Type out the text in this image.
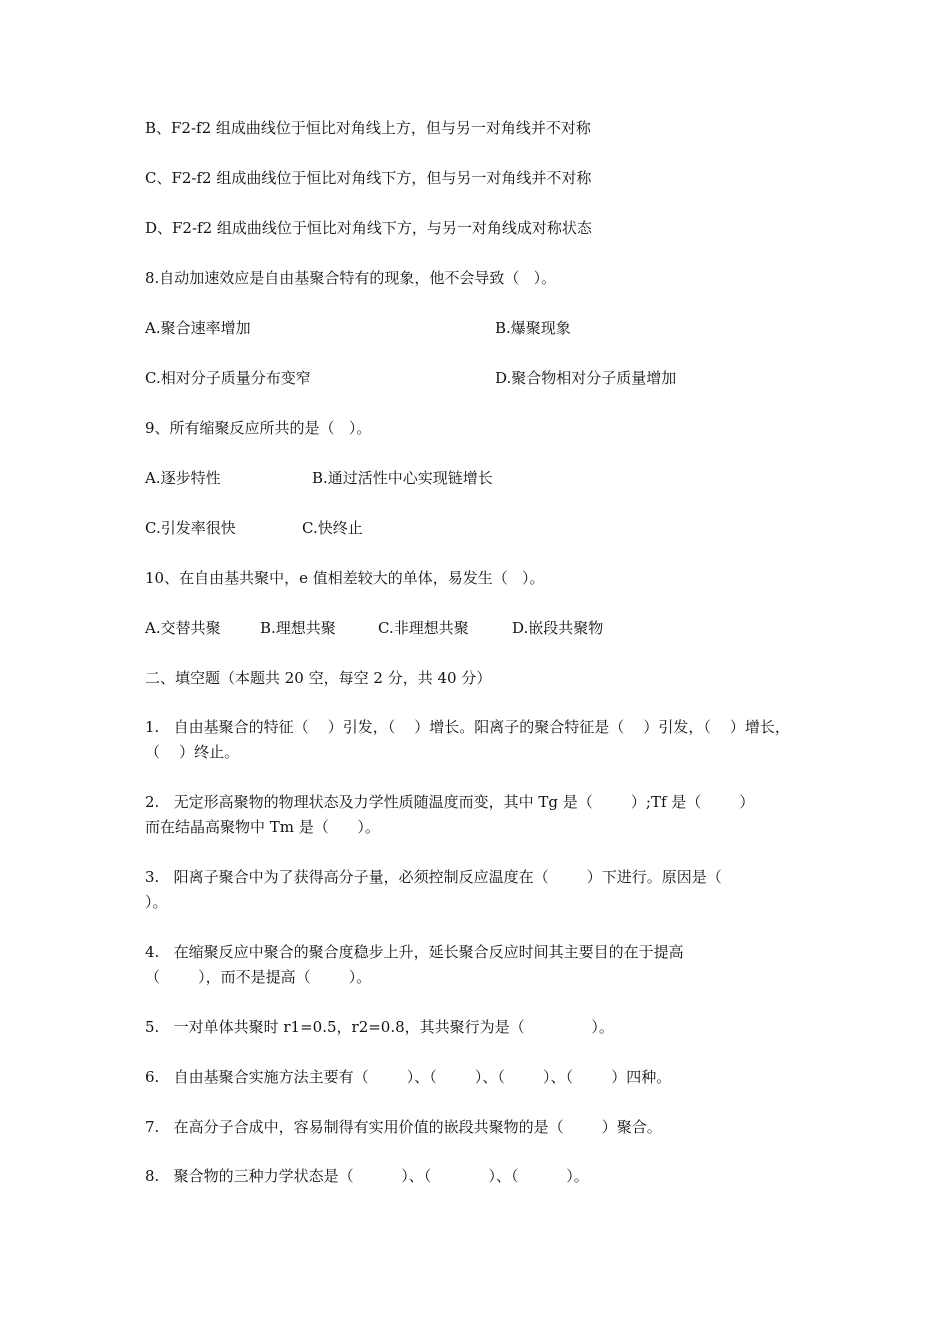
B、F2-f2 组成曲线位于恒比对角线上方，但与另一对角线并不对称
C、F2-f2 组成曲线位于恒比对角线下方，但与另一对角线并不对称
D、F2-f2 组成曲线位于恒比对角线下方，与另一对角线成对称状态
8.自动加速效应是自由基聚合特有的现象，他不会导致（   ）。
A.聚合速率增加	B.爆聚现象
C.相对分子质量分布变窄	D.聚合物相对分子质量增加
9、所有缩聚反应所共的是（   ）。
A.逐步特性	B.通过活性中心实现链增长
C.引发率很快	C.快终止
10、在自由基共聚中，e 值相差较大的单体，易发生（   ）。
A.交替共聚	B.理想共聚	C.非理想共聚	D.嵌段共聚物
二、填空题（本题共 20 空，每空 2 分，共 40 分）
1.   自由基聚合的特征（    ）引发，（    ）增长。阳离子的聚合特征是（    ）引发，（    ）增长，
（    ）终止。
2.   无定形高聚物的物理状态及力学性质随温度而变，其中 Tg 是（        ）;Tf 是（        ）
而在结晶高聚物中 Tm 是（      ）。
3.   阳离子聚合中为了获得高分子量，必须控制反应温度在（        ）下进行。原因是（
）。
4.   在缩聚反应中聚合的聚合度稳步上升，延长聚合反应时间其主要目的在于提高
（        ），而不是提高（        ）。
5.   一对单体共聚时 r1=0.5，r2=0.8，其共聚行为是（              ）。
6.   自由基聚合实施方法主要有（        ）、（        ）、（        ）、（        ）四种。
7.   在高分子合成中，容易制得有实用价值的嵌段共聚物的是（        ）聚合。
8.   聚合物的三种力学状态是（          ）、（            ）、（          ）。
